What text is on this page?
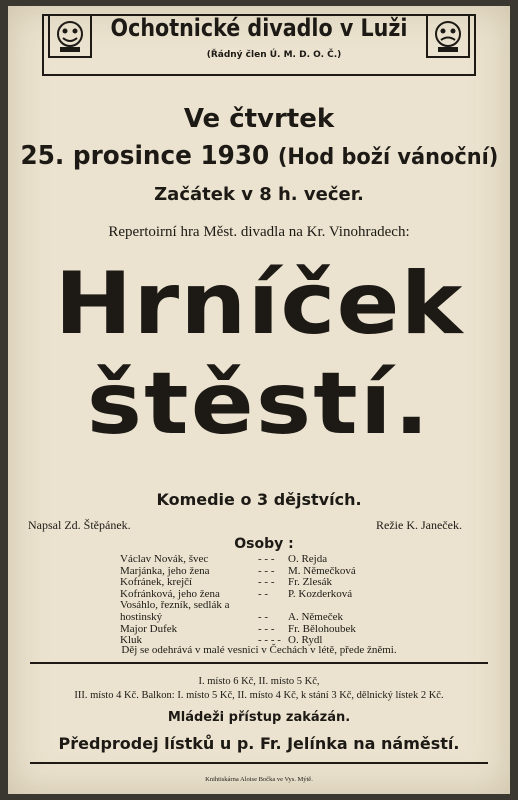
Ochotnické divadlo v Luži
(Řádný člen Ú. M. D. O. Č.)
Ve čtvrtek
25. prosince 1930 (Hod boží vánoční)
Začátek v 8 h. večer.
Repertoirní hra Měst. divadla na Kr. Vinohradech:
Hrníček
štěstí.
Komedie o 3 dějstvích.
Napsal Zd. Štěpánek.	Režie K. Janeček.
Osoby :
Václav Novák, švec	- - -	O. Rejda
Marjánka, jeho žena	- - -	M. Němečková
Kofránek, krejčí	- - -	Fr. Zlesák
Kofránková, jeho žena	- -	P. Kozderková
Vosáhlo, řezník, sedlák a
hostinský	- -	A. Němeček
Major Dufek	- - -	Fr. Bělohoubek
Kluk	- - - - O. Rydl
Děj se odehrává v malé vesnici v Čechách v létě, přede žněmi.
I. místo 6 Kč, II. místo 5 Kč,
III. místo 4 Kč. Balkon: I. místo 5 Kč, II. místo 4 Kč, k stání 3 Kč, dělnický lístek 2 Kč.
Mládeži přístup zakázán.
Předprodej lístků u p. Fr. Jelínka na náměstí.
Knihtiskárna Aloise Bočka ve Vys. Mýtě.
